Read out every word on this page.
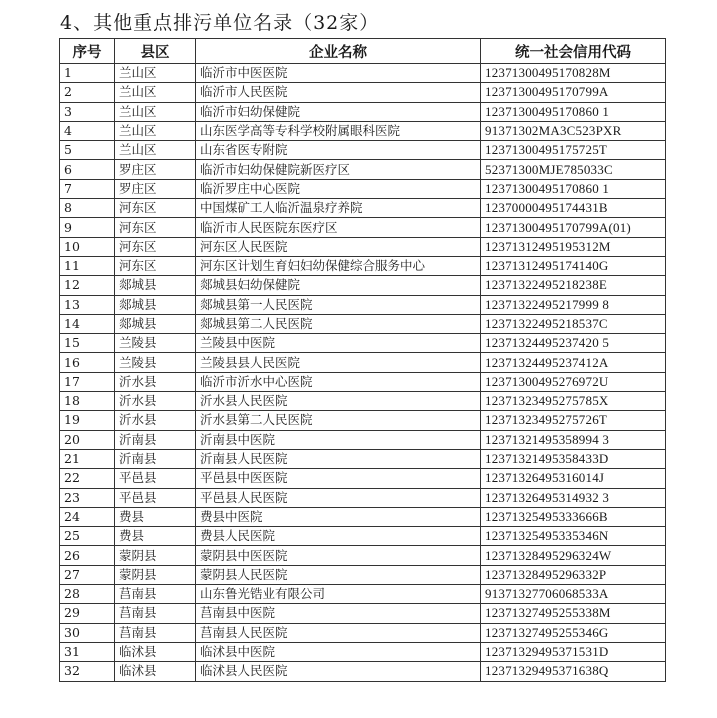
4、其他重点排污单位名录（32家）
序号	县区	企业名称	统一社会信用代码
1	兰山区	临沂市中医医院	12371300495170828M
2	兰山区	临沂市人民医院	12371300495170799A
3	兰山区	临沂市妇幼保健院	12371300495170860 1
4	兰山区	山东医学高等专科学校附属眼科医院	91371302MA3C523PXR
5	兰山区	山东省医专附院	12371300495175725T
6	罗庄区	临沂市妇幼保健院新医疗区	52371300MJE785033C
7	罗庄区	临沂罗庄中心医院	12371300495170860 1
8	河东区	中国煤矿工人临沂温泉疗养院	12370000495174431B
9	河东区	临沂市人民医院东医疗区	12371300495170799A(01)
10	河东区	河东区人民医院	12371312495195312M
11	河东区	河东区计划生育妇妇幼保健综合服务中心	12371312495174140G
12	郯城县	郯城县妇幼保健院	12371322495218238E
13	郯城县	郯城县第一人民医院	12371322495217999 8
14	郯城县	郯城县第二人民医院	12371322495218537C
15	兰陵县	兰陵县中医院	12371324495237420 5
16	兰陵县	兰陵县县人民医院	12371324495237412A
17	沂水县	临沂市沂水中心医院	12371300495276972U
18	沂水县	沂水县人民医院	12371323495275785X
19	沂水县	沂水县第二人民医院	12371323495275726T
20	沂南县	沂南县中医院	12371321495358994 3
21	沂南县	沂南县人民医院	12371321495358433D
22	平邑县	平邑县中医医院	12371326495316014J
23	平邑县	平邑县人民医院	12371326495314932 3
24	费县	费县中医院	12371325495333666B
25	费县	费县人民医院	12371325495335346N
26	蒙阴县	蒙阴县中医医院	12371328495296324W
27	蒙阴县	蒙阴县人民医院	12371328495296332P
28	莒南县	山东鲁光锆业有限公司	91371327706068533A
29	莒南县	莒南县中医院	12371327495255338M
30	莒南县	莒南县人民医院	12371327495255346G
31	临沭县	临沭县中医院	12371329495371531D
32	临沭县	临沭县人民医院	12371329495371638Q
